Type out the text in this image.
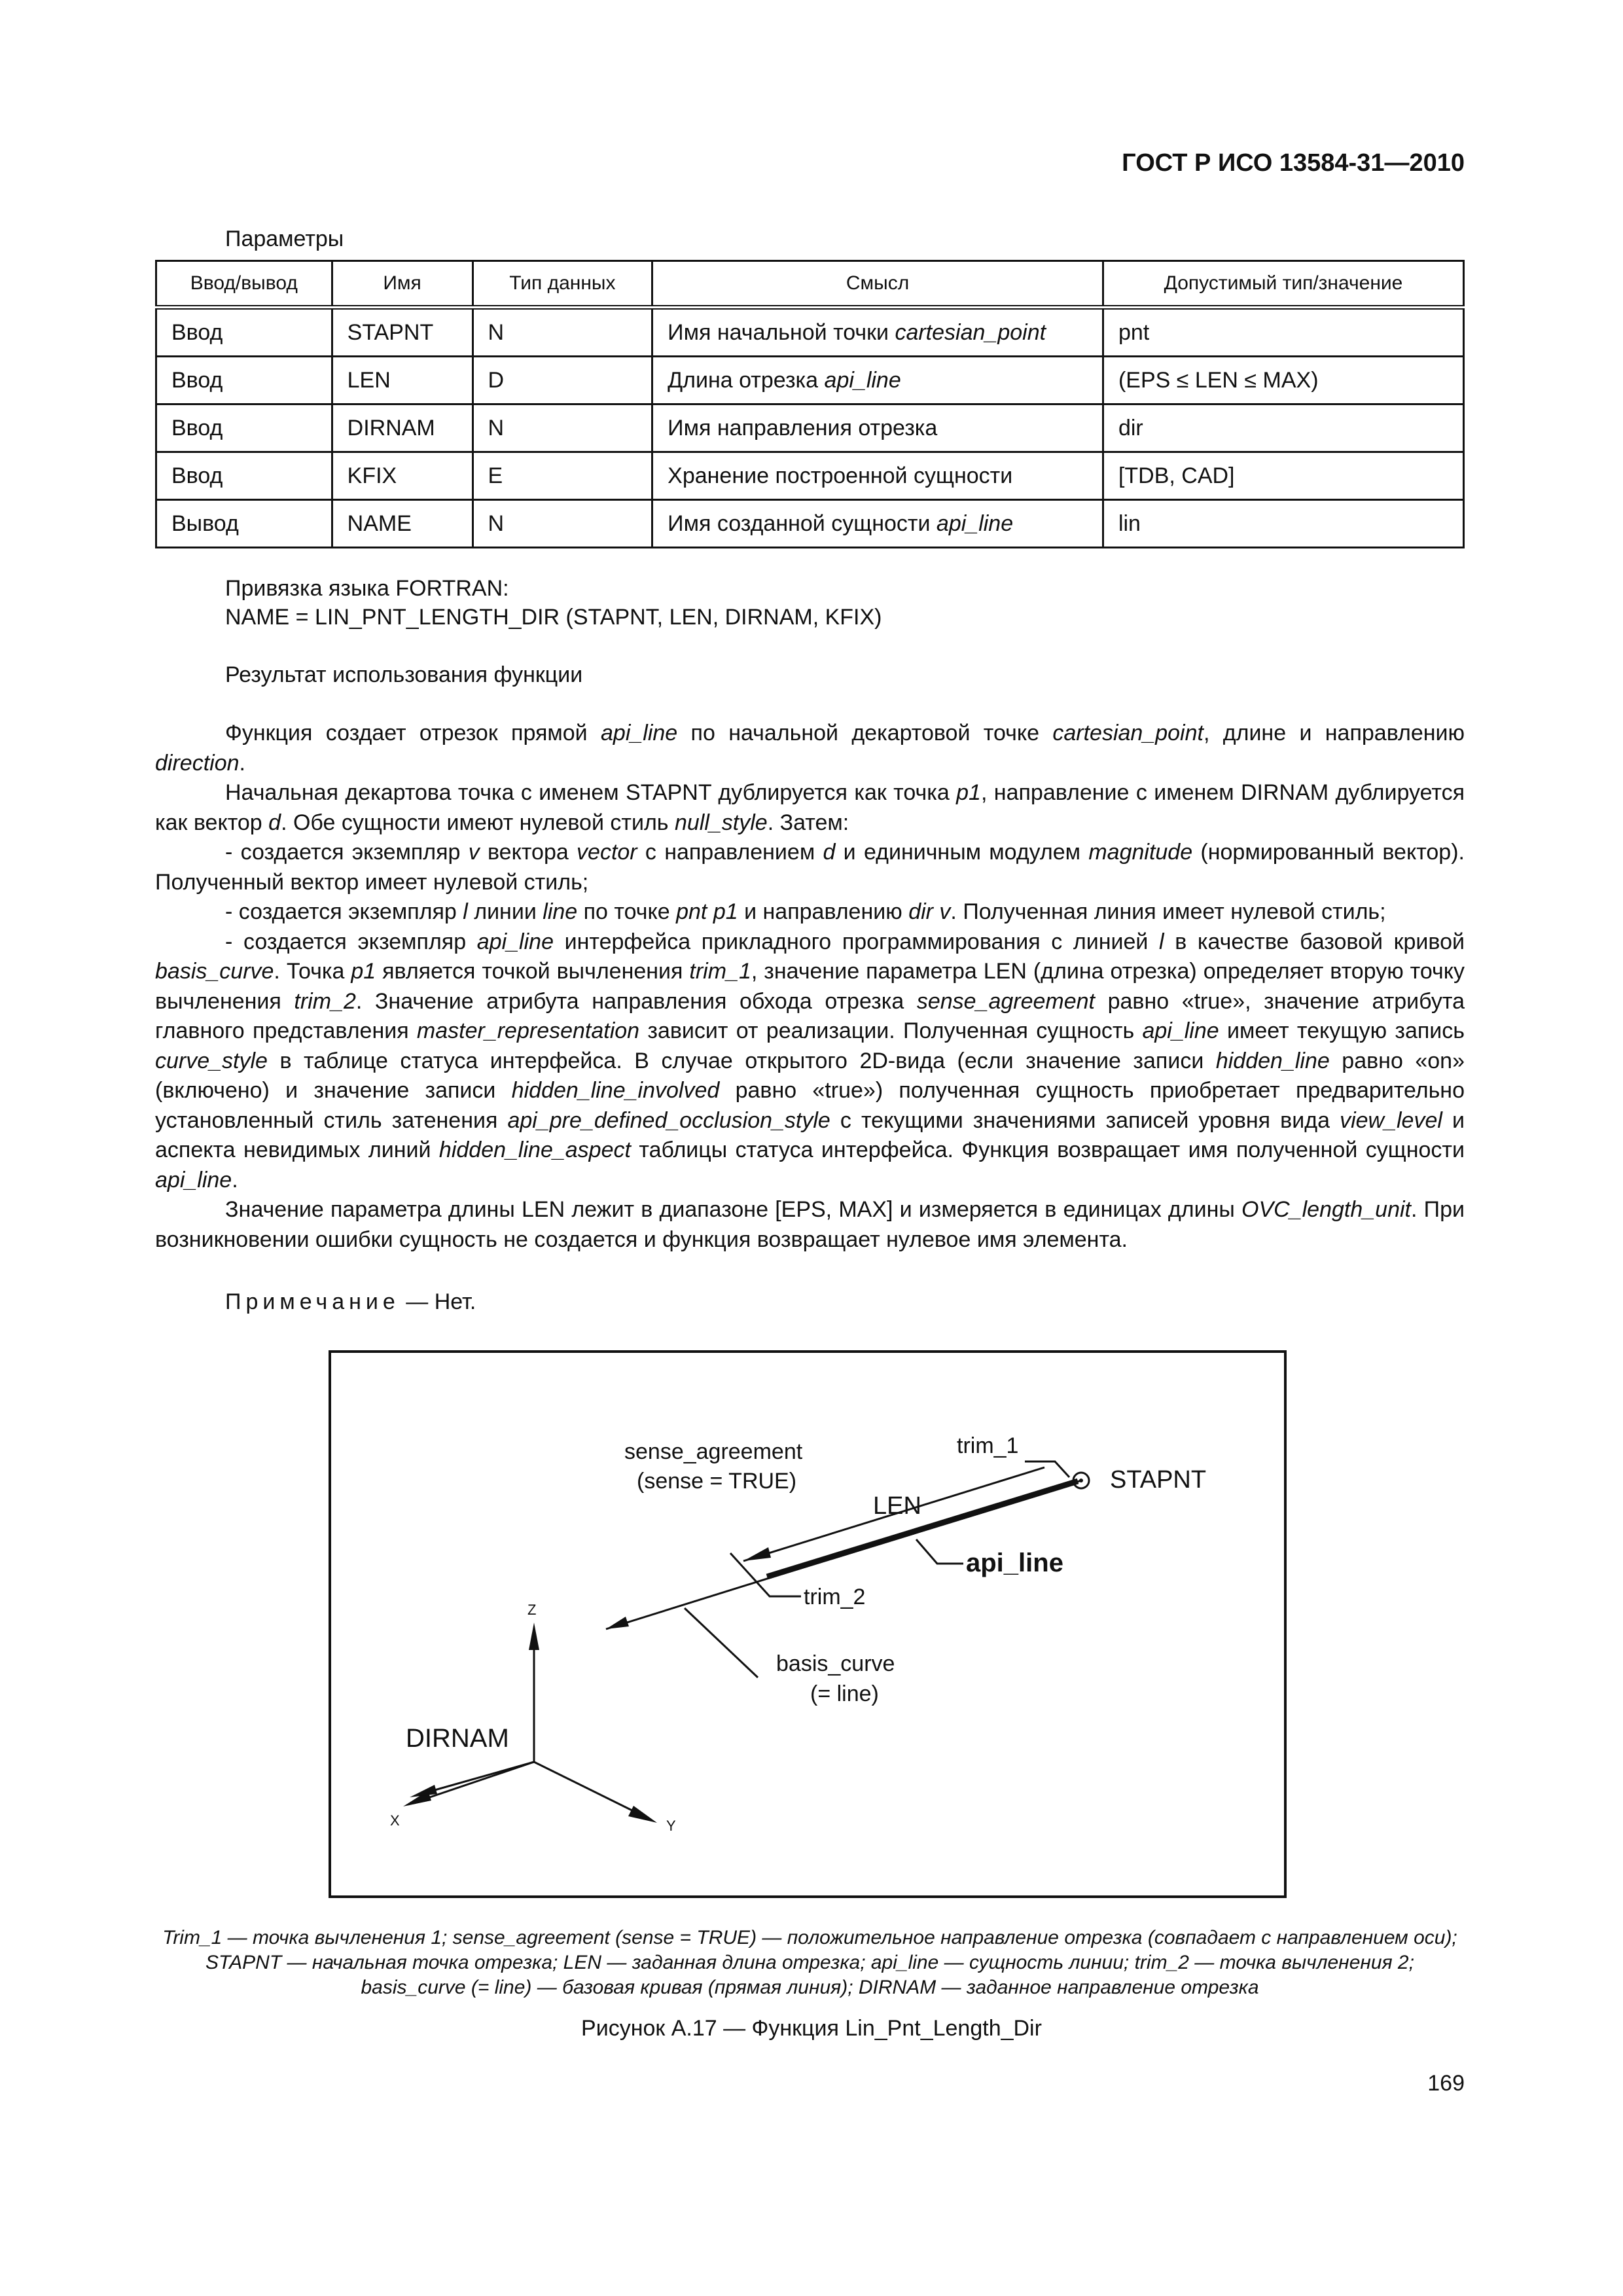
ГОСТ Р ИСО 13584-31—2010
Параметры
Ввод/вывод	Имя	Тип данных	Смысл	Допустимый тип/значение
Ввод	STAPNT	N	Имя начальной точки cartesian_point	pnt
Ввод	LEN	D	Длина отрезка api_line	(EPS ≤ LEN ≤ MAX)
Ввод	DIRNAM	N	Имя направления отрезка	dir
Ввод	KFIX	E	Хранение построенной сущности	[TDB, CAD]
Вывод	NAME	N	Имя созданной сущности api_line	lin
Привязка языка FORTRAN:
NAME = LIN_PNT_LENGTH_DIR (STAPNT, LEN, DIRNAM, KFIX)
Результат использования функции

Функция создает отрезок прямой api_line по начальной декартовой точке cartesian_point, длине и направлению direction.

Начальная декартова точка с именем STAPNT дублируется как точка p1, направление с именем DIRNAM дублируется как вектор d. Обе сущности имеют нулевой стиль null_style. Затем:

- создается экземпляр v вектора vector с направлением d и единичным модулем magnitude (нормированный вектор). Полученный вектор имеет нулевой стиль;

- создается экземпляр l линии line по точке pnt p1 и направлению dir v. Полученная линия имеет нулевой стиль;

- создается экземпляр api_line интерфейса прикладного программирования с линией l в качестве базовой кривой basis_curve. Точка p1 является точкой вычленения trim_1, значение параметра LEN (длина отрезка) определяет вторую точку вычленения trim_2. Значение атрибута направления обхода отрезка sense_agreement равно «true», значение атрибута главного представления master_representation зависит от реализации. Полученная сущность api_line имеет текущую запись curve_style в таблице статуса интерфейса. В случае открытого 2D-вида (если значение записи hidden_line равно «on» (включено) и значение записи hidden_line_involved равно «true») полученная сущность приобретает предварительно установленный стиль затенения api_pre_defined_occlusion_style с текущими значениями записей уровня вида view_level и аспекта невидимых линий hidden_line_aspect таблицы статуса интерфейса. Функция возвращает имя полученной сущности api_line.

Значение параметра длины LEN лежит в диапазоне [EPS, MAX] и измеряется в единицах длины OVC_length_unit. При возникновении ошибки сущность не создается и функция возвращает нулевое имя элемента.

Примечание — Нет.
sense_agreement
(sense = TRUE)
trim_1
STAPNT
LEN
api_line
trim_2
basis_curve
(= line)
DIRNAM
Z
X	Y
Trim_1 — точка вычленения 1; sense_agreement (sense = TRUE) — положительное направление отрезка (совпадает с направлением оси); STAPNT — начальная точка отрезка; LEN — заданная длина отрезка; api_line — сущность линии; trim_2 — точка вычленения 2; basis_curve (= line) — базовая кривая (прямая линия); DIRNAM — заданное направление отрезка
Рисунок А.17 — Функция Lin_Pnt_Length_Dir
169
